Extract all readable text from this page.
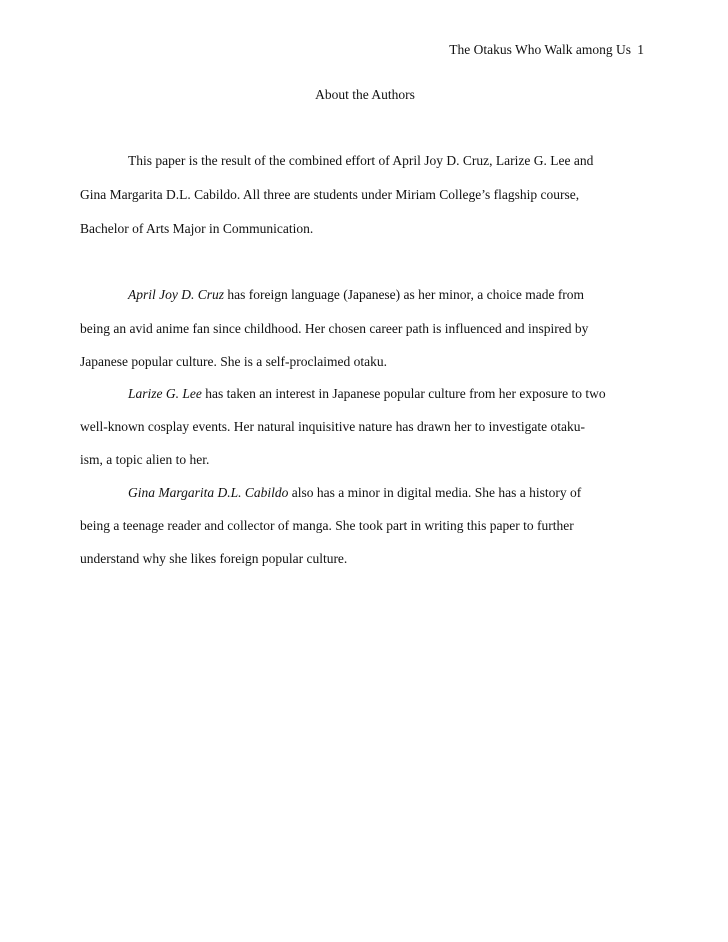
The Otakus Who Walk among Us 1
About the Authors
This paper is the result of the combined effort of April Joy D. Cruz, Larize G. Lee and
Gina Margarita D.L. Cabildo. All three are students under Miriam College’s flagship course,
Bachelor of Arts Major in Communication.
April Joy D. Cruz has foreign language (Japanese) as her minor, a choice made from
being an avid anime fan since childhood. Her chosen career path is influenced and inspired by
Japanese popular culture. She is a self-proclaimed otaku.
Larize G. Lee has taken an interest in Japanese popular culture from her exposure to two
well-known cosplay events. Her natural inquisitive nature has drawn her to investigate otaku-
ism, a topic alien to her.
Gina Margarita D.L. Cabildo also has a minor in digital media. She has a history of
being a teenage reader and collector of manga. She took part in writing this paper to further
understand why she likes foreign popular culture.
